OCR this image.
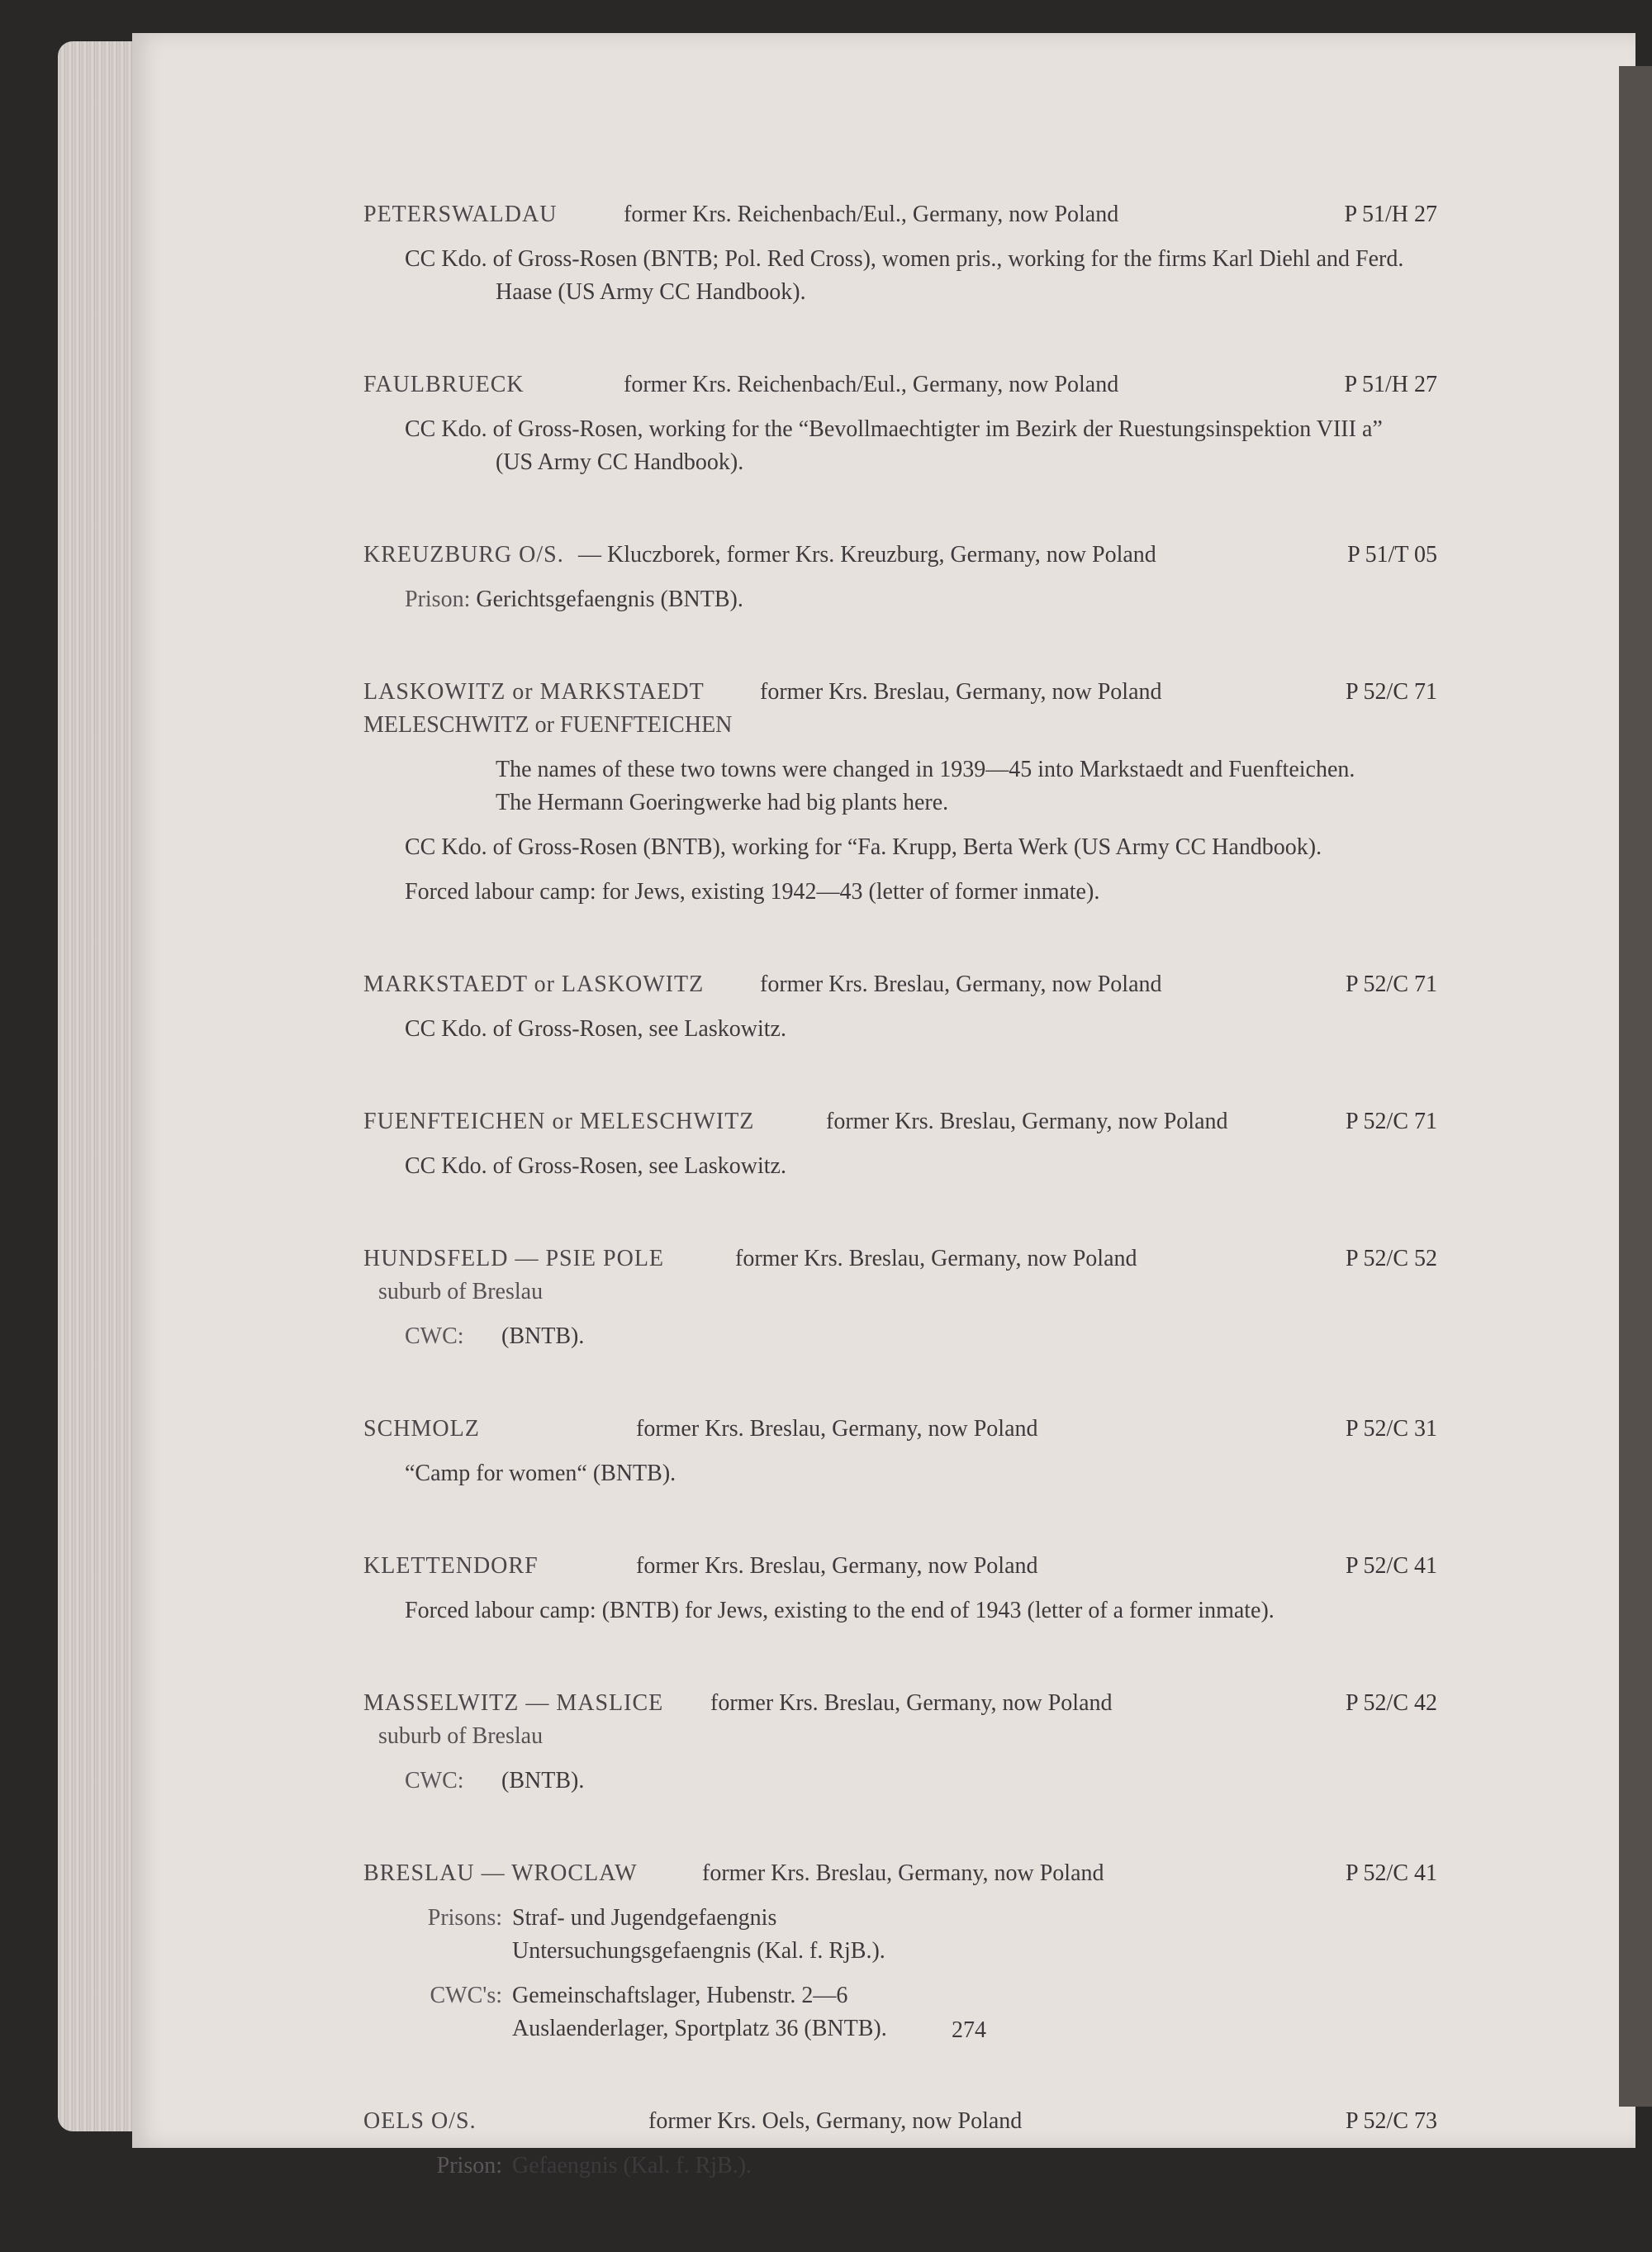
PETERSWALDAU	former Krs. Reichenbach/Eul., Germany, now Poland	P 51/H 27
CC Kdo. of Gross-Rosen (BNTB; Pol. Red Cross), women pris., working for the firms Karl Diehl and Ferd.
Haase (US Army CC Handbook).
FAULBRUECK	former Krs. Reichenbach/Eul., Germany, now Poland	P 51/H 27
CC Kdo. of Gross-Rosen, working for the “Bevollmaechtigter im Bezirk der Ruestungsinspektion VIII a”
(US Army CC Handbook).
KREUZBURG O/S. — Kluczborek, former Krs. Kreuzburg, Germany, now Poland	P 51/T 05
Prison: Gerichtsgefaengnis (BNTB).
LASKOWITZ or MARKSTAEDT former Krs. Breslau, Germany, now Poland	P 52/C 71
MELESCHWITZ or FUENFTEICHEN
The names of these two towns were changed in 1939—45 into Markstaedt and Fuenfteichen.
The Hermann Goeringwerke had big plants here.
CC Kdo. of Gross-Rosen (BNTB), working for “Fa. Krupp, Berta Werk (US Army CC Handbook).
Forced labour camp: for Jews, existing 1942—43 (letter of former inmate).
MARKSTAEDT or LASKOWITZ former Krs. Breslau, Germany, now Poland	P 52/C 71
CC Kdo. of Gross-Rosen, see Laskowitz.
FUENFTEICHEN or MELESCHWITZ	former Krs. Breslau, Germany, now Poland	P 52/C 71
CC Kdo. of Gross-Rosen, see Laskowitz.
HUNDSFELD — PSIE POLE	former Krs. Breslau, Germany, now Poland	P 52/C 52
suburb of Breslau
CWC: (BNTB).
SCHMOLZ	former Krs. Breslau, Germany, now Poland	P 52/C 31
“Camp for women“ (BNTB).
KLETTENDORF	former Krs. Breslau, Germany, now Poland	P 52/C 41
Forced labour camp: (BNTB) for Jews, existing to the end of 1943 (letter of a former inmate).
MASSELWITZ — MASLICE former Krs. Breslau, Germany, now Poland	P 52/C 42
suburb of Breslau
CWC: (BNTB).
BRESLAU — WROCLAW	former Krs. Breslau, Germany, now Poland	P 52/C 41
Prisons: Straf- und Jugendgefaengnis
Untersuchungsgefaengnis (Kal. f. RjB.).
CWC's: Gemeinschaftslager, Hubenstr. 2—6
Auslaenderlager, Sportplatz 36 (BNTB).
OELS O/S.	former Krs. Oels, Germany, now Poland	P 52/C 73
Prison: Gefaengnis (Kal. f. RjB.).
274
